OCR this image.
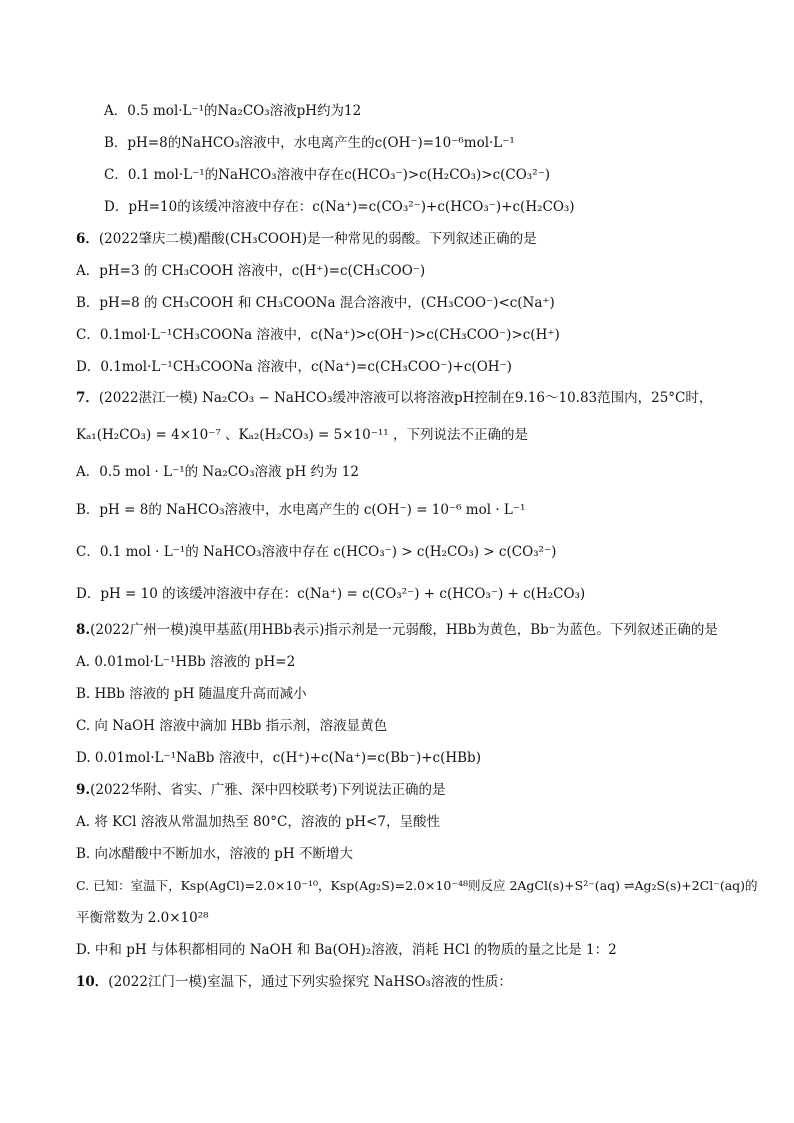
A．0.5 mol·L⁻¹的Na₂CO₃溶液pH约为12
B．pH=8的NaHCO₃溶液中，水电离产生的c(OH⁻)=10⁻⁶mol·L⁻¹
C．0.1 mol·L⁻¹的NaHCO₃溶液中存在c(HCO₃⁻)>c(H₂CO₃)>c(CO₃²⁻)
D．pH=10的该缓冲溶液中存在：c(Na⁺)=c(CO₃²⁻)+c(HCO₃⁻)+c(H₂CO₃)
6．(2022肇庆二模)醋酸(CH₃COOH)是一种常见的弱酸。下列叙述正确的是
A．pH=3 的 CH₃COOH 溶液中，c(H⁺)=c(CH₃COO⁻)
B．pH=8 的 CH₃COOH 和 CH₃COONa 混合溶液中，(CH₃COO⁻)<c(Na⁺)
C．0.1mol·L⁻¹CH₃COONa 溶液中，c(Na⁺)>c(OH⁻)>c(CH₃COO⁻)>c(H⁺)
D．0.1mol·L⁻¹CH₃COONa 溶液中，c(Na⁺)=c(CH₃COO⁻)+c(OH⁻)
7．(2022湛江一模) Na₂CO₃ − NaHCO₃缓冲溶液可以将溶液pH控制在9.16～10.83范围内，25°C时，
Kₐ₁(H₂CO₃) = 4×10⁻⁷ 、Kₐ₂(H₂CO₃) = 5×10⁻¹¹ ，下列说法不正确的是
A．0.5 mol · L⁻¹的 Na₂CO₃溶液 pH 约为 12
B．pH = 8的 NaHCO₃溶液中，水电离产生的 c(OH⁻) = 10⁻⁶ mol · L⁻¹
C．0.1 mol · L⁻¹的 NaHCO₃溶液中存在 c(HCO₃⁻) > c(H₂CO₃) > c(CO₃²⁻)
D．pH = 10 的该缓冲溶液中存在：c(Na⁺) = c(CO₃²⁻) + c(HCO₃⁻) + c(H₂CO₃)
8.(2022广州一模)溴甲基蓝(用HBb表示)指示剂是一元弱酸，HBb为黄色，Bb⁻为蓝色。下列叙述正确的是
A. 0.01mol·L⁻¹HBb 溶液的 pH=2
B. HBb 溶液的 pH 随温度升高而减小
C. 向 NaOH 溶液中滴加 HBb 指示剂，溶液显黄色
D. 0.01mol·L⁻¹NaBb 溶液中，c(H⁺)+c(Na⁺)=c(Bb⁻)+c(HBb)
9.(2022华附、省实、广雅、深中四校联考)下列说法正确的是
A. 将 KCl 溶液从常温加热至 80°C，溶液的 pH<7，呈酸性
B. 向冰醋酸中不断加水，溶液的 pH 不断增大
C. 已知：室温下，Ksp(AgCl)=2.0×10⁻¹⁰，Ksp(Ag₂S)=2.0×10⁻⁴⁸则反应 2AgCl(s)+S²⁻(aq) ⇌Ag₂S(s)+2Cl⁻(aq)的
平衡常数为 2.0×10²⁸
D. 中和 pH 与体积都相同的 NaOH 和 Ba(OH)₂溶液，消耗 HCl 的物质的量之比是 1：2
10．(2022江门一模)室温下，通过下列实验探究 NaHSO₃溶液的性质：
